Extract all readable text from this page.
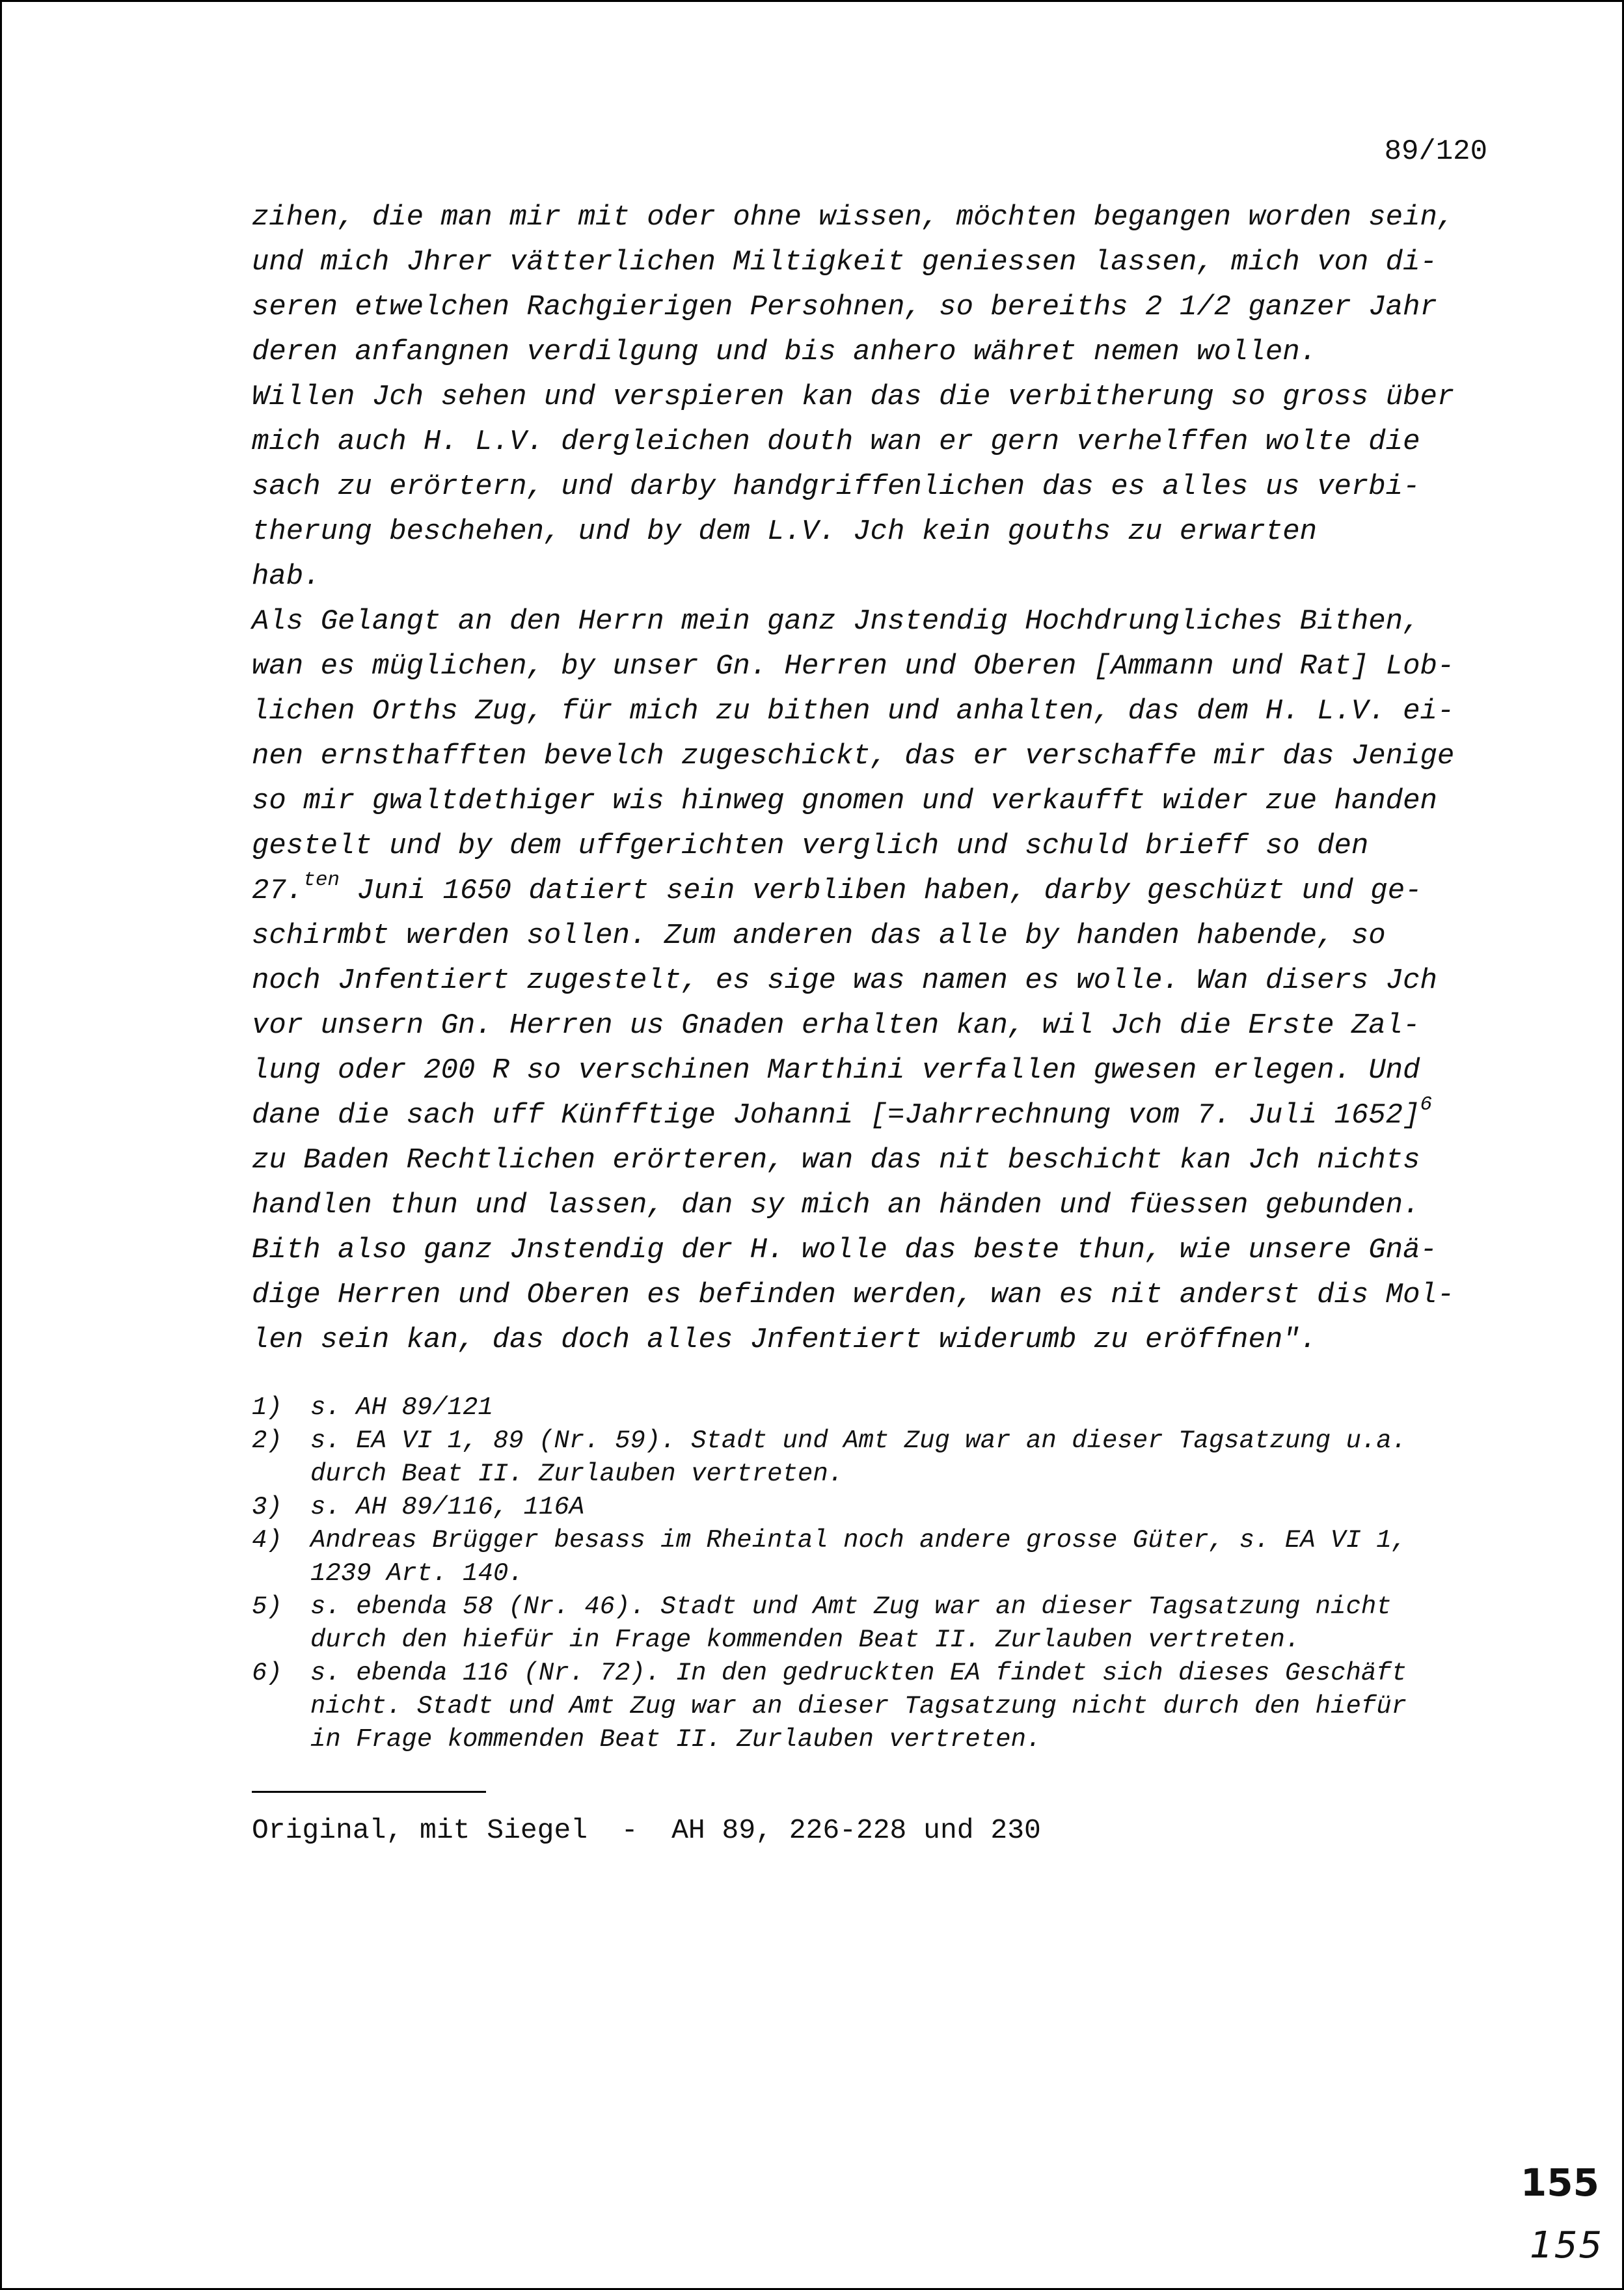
89/120
zihen, die man mir mit oder ohne wissen, möchten begangen worden sein,
und mich Jhrer vätterlichen Miltigkeit geniessen lassen, mich von di-
seren etwelchen Rachgierigen Persohnen, so bereiths 2 1/2 ganzer Jahr
deren anfangnen verdilgung und bis anhero währet nemen wollen.
Willen Jch sehen und verspieren kan das die verbitherung so gross über
mich auch H. L.V. dergleichen douth wan er gern verhelffen wolte die
sach zu erörtern, und darby handgriffenlichen das es alles us verbi-
therung beschehen, und by dem L.V. Jch kein gouths zu erwarten
hab.
Als Gelangt an den Herrn mein ganz Jnstendig Hochdrungliches Bithen,
wan es müglichen, by unser Gn. Herren und Oberen [Ammann und Rat] Lob-
lichen Orths Zug, für mich zu bithen und anhalten, das dem H. L.V. ei-
nen ernsthafften bevelch zugeschickt, das er verschaffe mir das Jenige
so mir gwaltdethiger wis hinweg gnomen und verkaufft wider zue handen
gestelt und by dem uffgerichten verglich und schuld brieff so den
27.$^{ten}$ Juni 1650 datiert sein verbliben haben, darby geschüzt und ge-
schirmbt werden sollen. Zum anderen das alle by handen habende, so
noch Jnfentiert zugestelt, es sige was namen es wolle. Wan disers Jch
vor unsern Gn. Herren us Gnaden erhalten kan, wil Jch die Erste Zal-
lung oder 200 R so verschinen Marthini verfallen gwesen erlegen. Und
dane die sach uff Künfftige Johanni [=Jahrrechnung vom 7. Juli 1652]$^6$
zu Baden Rechtlichen erörteren, wan das nit beschicht kan Jch nichts
handlen thun und lassen, dan sy mich an händen und füessen gebunden.
Bith also ganz Jnstendig der H. wolle das beste thun, wie unsere Gnä-
dige Herren und Oberen es befinden werden, wan es nit anderst dis Mol-
len sein kan, das doch alles Jnfentiert widerumb zu eröffnen".
1)	s. AH 89/121
2)	s. EA VI 1, 89 (Nr. 59). Stadt und Amt Zug war an dieser Tagsatzung u.a.
durch Beat II. Zurlauben vertreten.
3)	s. AH 89/116, 116A
4)	Andreas Brügger besass im Rheintal noch andere grosse Güter, s. EA VI 1,
1239 Art. 140.
5)	s. ebenda 58 (Nr. 46). Stadt und Amt Zug war an dieser Tagsatzung nicht
durch den hiefür in Frage kommenden Beat II. Zurlauben vertreten.
6)	s. ebenda 116 (Nr. 72). In den gedruckten EA findet sich dieses Geschäft
nicht. Stadt und Amt Zug war an dieser Tagsatzung nicht durch den hiefür
in Frage kommenden Beat II. Zurlauben vertreten.
Original, mit Siegel  -  AH 89, 226-228 und 230
155
155
